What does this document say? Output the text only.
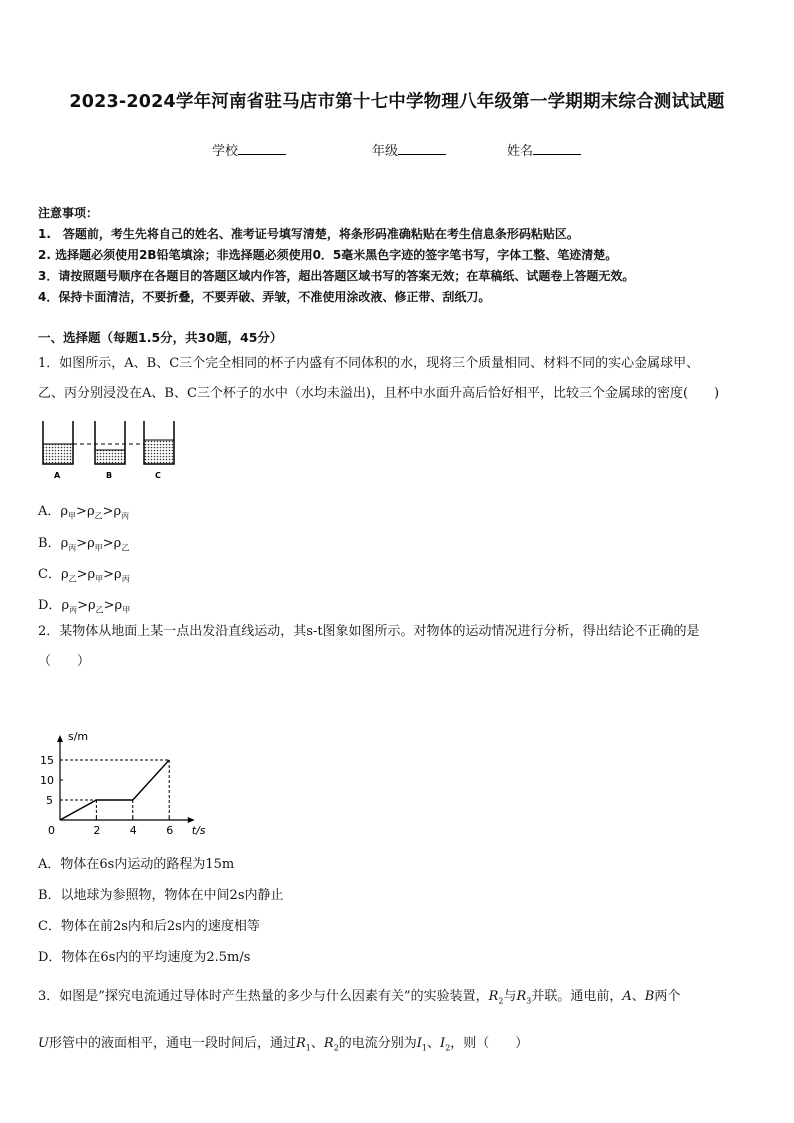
2023-2024学年河南省驻马店市第十七中学物理八年级第一学期期末综合测试试题
学校	年级	姓名

注意事项：

1.　答题前，考生先将自己的姓名、准考证号填写清楚，将条形码准确粘贴在考生信息条形码粘贴区。

2. 选择题必须使用2B铅笔填涂；非选择题必须使用0．5毫米黑色字迹的签字笔书写，字体工整、笔迹清楚。

3．请按照题号顺序在各题目的答题区域内作答，超出答题区域书写的答案无效；在草稿纸、试题卷上答题无效。

4．保持卡面清洁，不要折叠，不要弄破、弄皱，不准使用涂改液、修正带、刮纸刀。

一、选择题（每题1.5分，共30题，45分）
1．如图所示，A、B、C三个完全相同的杯子内盛有不同体积的水，现将三个质量相同、材料不同的实心金属球甲、
乙、丙分别浸没在A、B、C三个杯子的水中（水均未溢出)，且杯中水面升高后恰好相平，比较三个金属球的密度(　　)
A	B	C
A．$\rho_甲>\rho_乙>\rho_丙$
B．$\rho_丙>\rho_甲>\rho_乙$
C．$\rho_乙>\rho_甲>\rho_丙$
D．$\rho_丙>\rho_乙>\rho_甲$
2．某物体从地面上某一点出发沿直线运动，其s-t图象如图所示。对物体的运动情况进行分析，得出结论不正确的是
（　　）
s/m
t/s
0	2	4	6
5
10
15
A．物体在6s内运动的路程为15m
B．以地球为参照物，物体在中间2s内静止
C．物体在前2s内和后2s内的速度相等
D．物体在6s内的平均速度为2.5m/s
3．如图是”探究电流通过导体时产生热量的多少与什么因素有关”的实验装置，$R_2$与$R_3$并联。通电前，A、B两个
U形管中的液面相平，通电一段时间后，通过$R_1$、$R_2$的电流分别为$I_1$、$I_2$，则（　　）
